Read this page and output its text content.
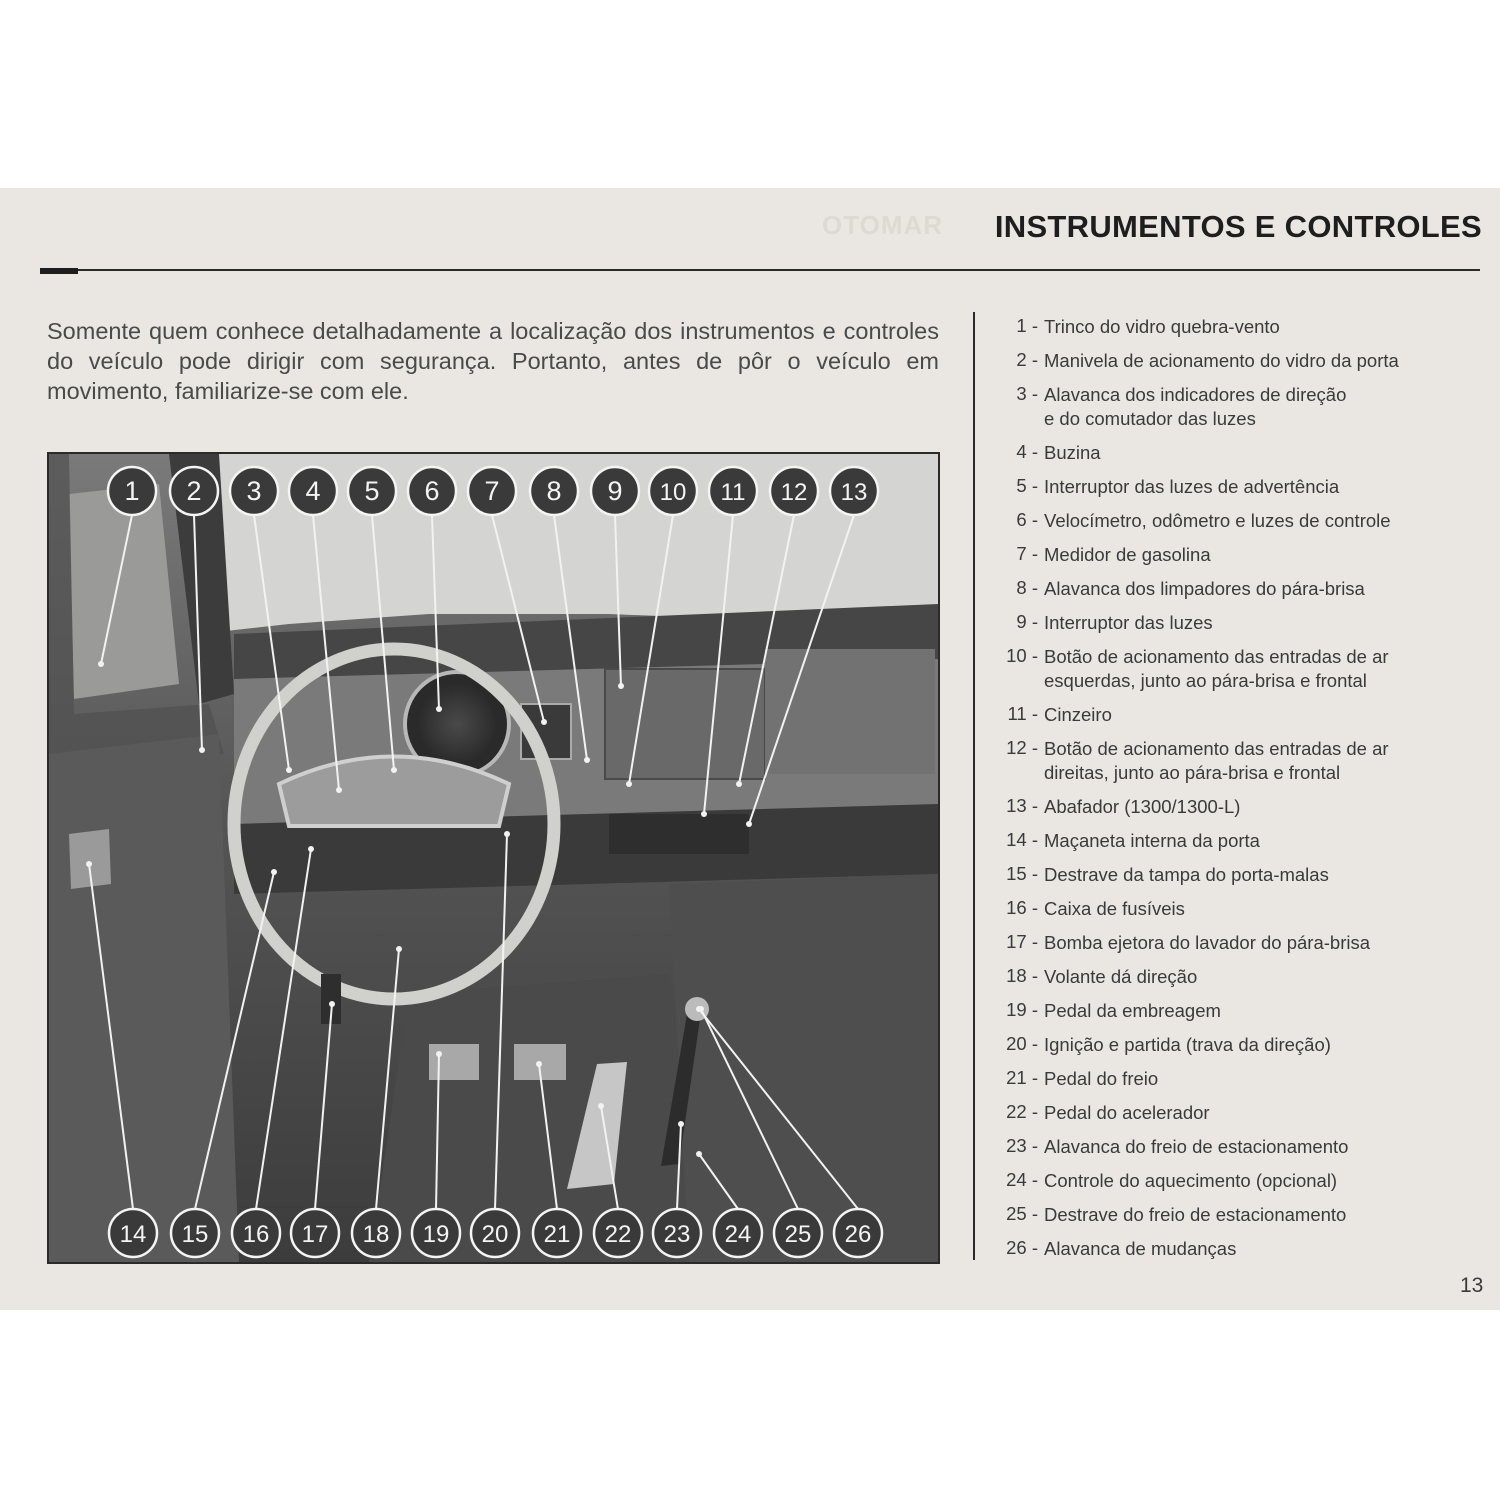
OTOMAR INSTRUMENTOS E CONTROLES

Somente quem conhece detalhadamente a localização dos instrumentos e controles do veículo pode dirigir com segurança. Portanto, antes de pôr o veículo em movimento, familiarize-se com ele.

1 2 3 4 5 6 7 8 9 10 11 12 13
14 15 16 17 18 19 20 21 22 23 24 25 26
1 - Trinco do vidro quebra-vento
2 - Manivela de acionamento do vidro da porta
3 - Alavanca dos indicadores de direção
e do comutador das luzes
4 - Buzina
5 - Interruptor das luzes de advertência
6 - Velocímetro, odômetro e luzes de controle
7 - Medidor de gasolina
8 - Alavanca dos limpadores do pára-brisa
9 - Interruptor das luzes
10 - Botão de acionamento das entradas de ar
esquerdas, junto ao pára-brisa e frontal
11 - Cinzeiro
12 - Botão de acionamento das entradas de ar
direitas, junto ao pára-brisa e frontal
13 - Abafador (1300/1300-L)
14 - Maçaneta interna da porta
15 - Destrave da tampa do porta-malas
16 - Caixa de fusíveis
17 - Bomba ejetora do lavador do pára-brisa
18 - Volante dá direção
19 - Pedal da embreagem
20 - Ignição e partida (trava da direção)
21 - Pedal do freio
22 - Pedal do acelerador
23 - Alavanca do freio de estacionamento
24 - Controle do aquecimento (opcional)
25 - Destrave do freio de estacionamento
26 - Alavanca de mudanças
13
